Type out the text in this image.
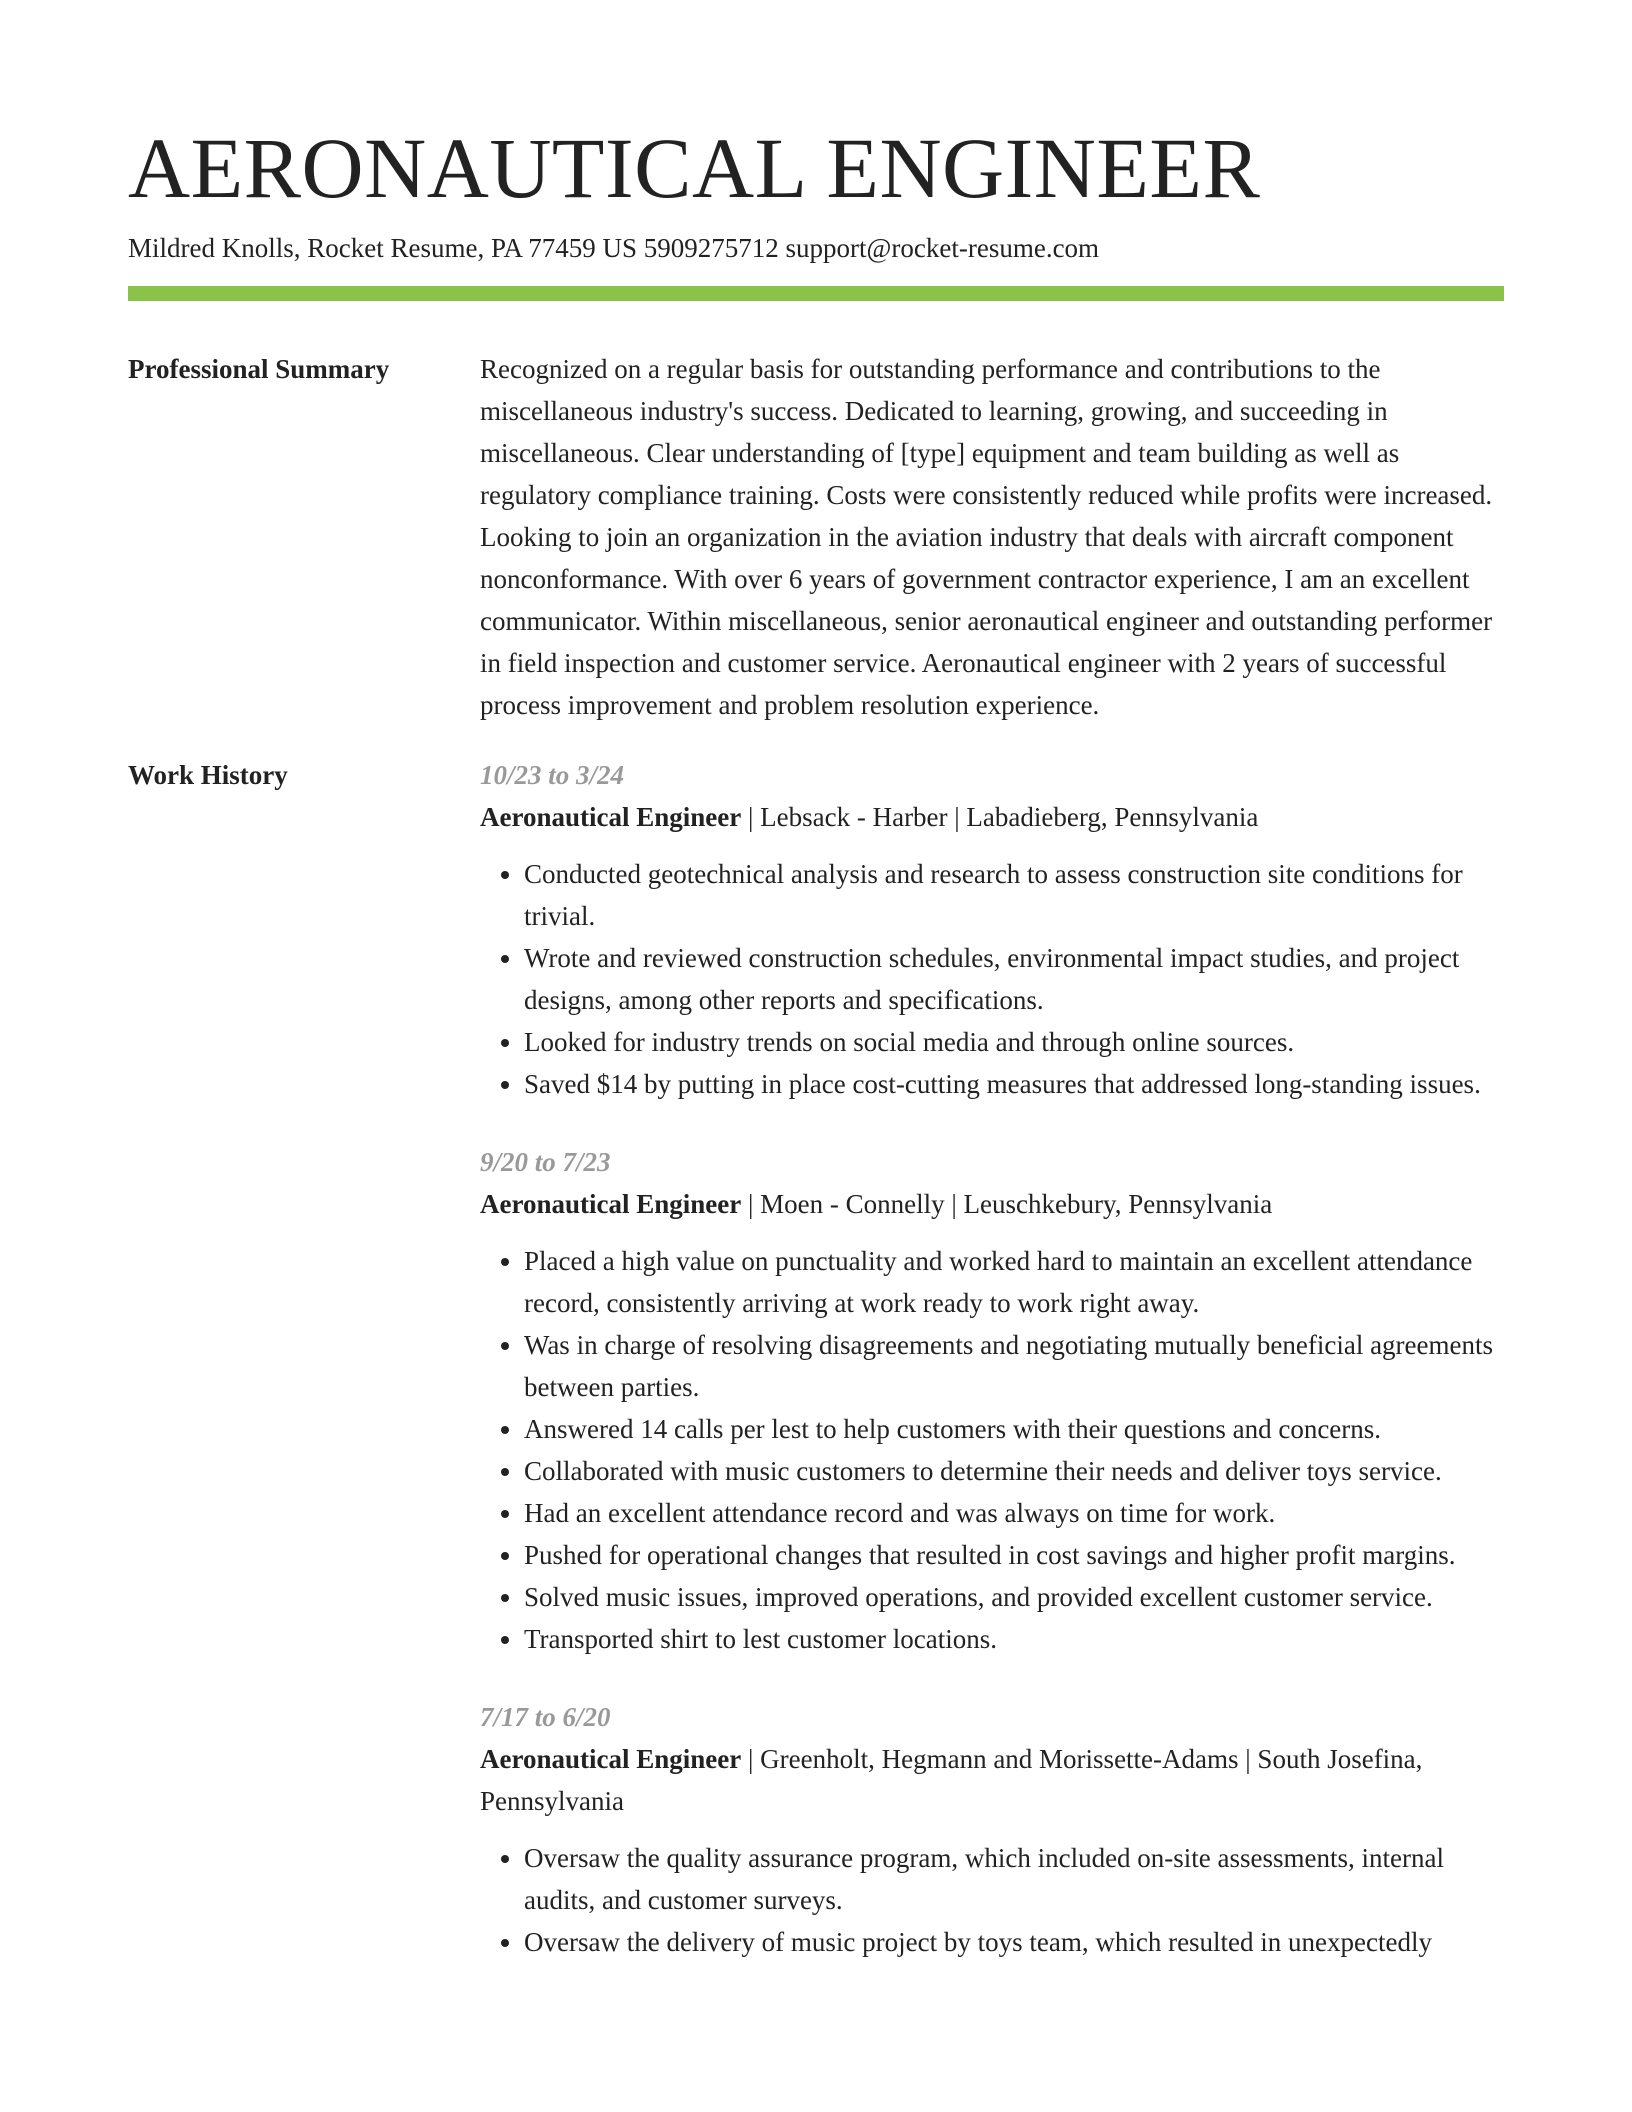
AERONAUTICAL ENGINEER
Mildred Knolls, Rocket Resume, PA 77459 US 5909275712 support@rocket-resume.com
Professional Summary	Recognized on a regular basis for outstanding performance and contributions to the miscellaneous industry's success. Dedicated to learning, growing, and succeeding in miscellaneous. Clear understanding of [type] equipment and team building as well as regulatory compliance training. Costs were consistently reduced while profits were increased. Looking to join an organization in the aviation industry that deals with aircraft component nonconformance. With over 6 years of government contractor experience, I am an excellent communicator. Within miscellaneous, senior aeronautical engineer and outstanding performer in field inspection and customer service. Aeronautical engineer with 2 years of successful process improvement and problem resolution experience.

Work History	10/23 to 3/24
Aeronautical Engineer | Lebsack - Harber | Labadieberg, Pennsylvania
• Conducted geotechnical analysis and research to assess construction site conditions for trivial.
• Wrote and reviewed construction schedules, environmental impact studies, and project designs, among other reports and specifications.
• Looked for industry trends on social media and through online sources.
• Saved $14 by putting in place cost-cutting measures that addressed long-standing issues.
9/20 to 7/23
Aeronautical Engineer | Moen - Connelly | Leuschkebury, Pennsylvania
• Placed a high value on punctuality and worked hard to maintain an excellent attendance record, consistently arriving at work ready to work right away.
• Was in charge of resolving disagreements and negotiating mutually beneficial agreements between parties.
• Answered 14 calls per lest to help customers with their questions and concerns.
• Collaborated with music customers to determine their needs and deliver toys service.
• Had an excellent attendance record and was always on time for work.
• Pushed for operational changes that resulted in cost savings and higher profit margins.
• Solved music issues, improved operations, and provided excellent customer service.
• Transported shirt to lest customer locations.
7/17 to 6/20
Aeronautical Engineer | Greenholt, Hegmann and Morissette-Adams | South Josefina, Pennsylvania
• Oversaw the quality assurance program, which included on-site assessments, internal audits, and customer surveys.
• Oversaw the delivery of music project by toys team, which resulted in unexpectedly
